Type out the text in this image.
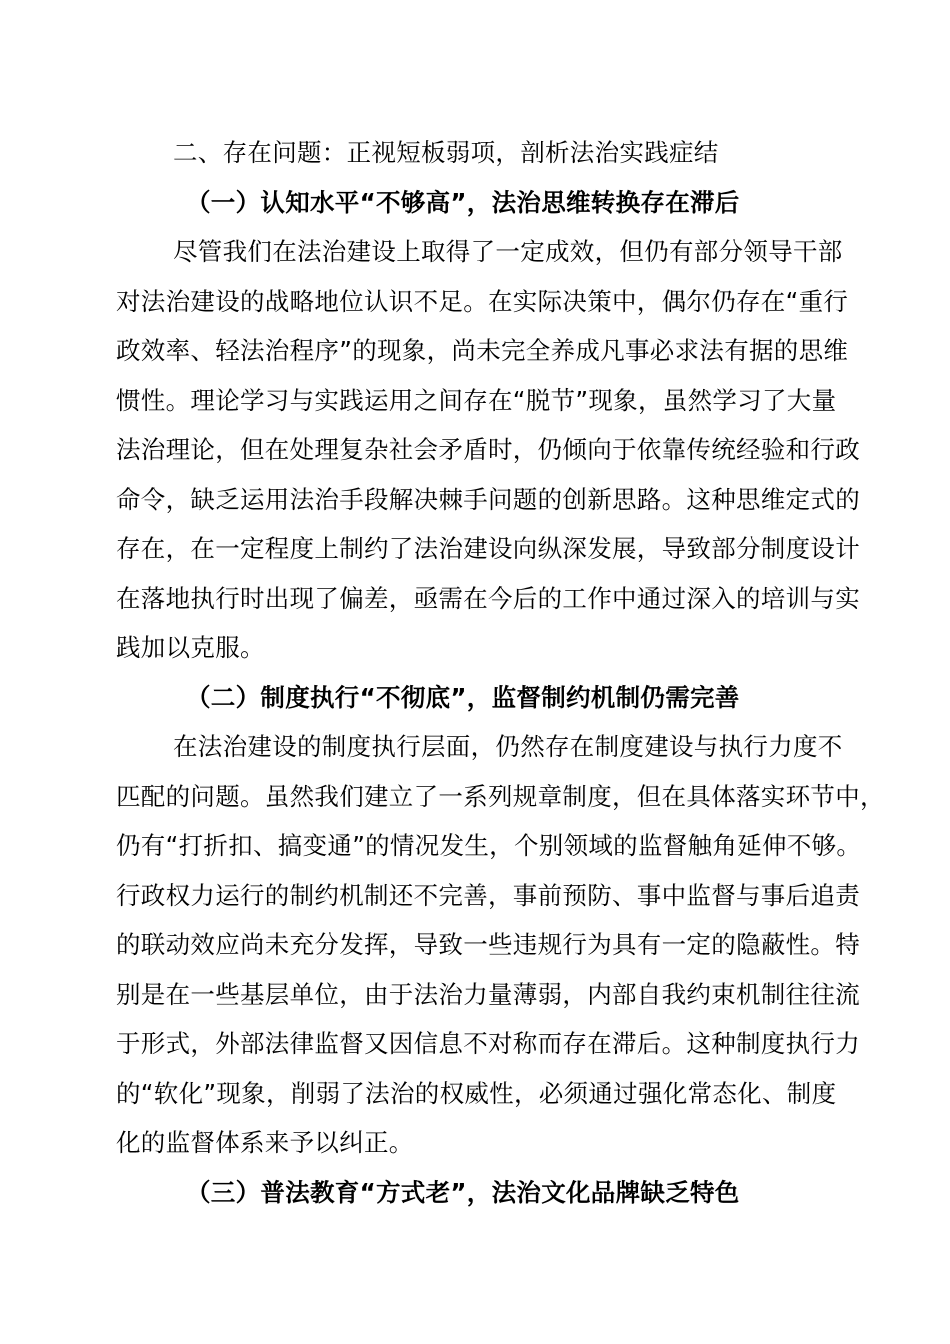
二、存在问题：正视短板弱项，剖析法治实践症结
（一）认知水平“不够高”，法治思维转换存在滞后
尽管我们在法治建设上取得了一定成效，但仍有部分领导干部
对法治建设的战略地位认识不足。在实际决策中，偶尔仍存在“重行
政效率、轻法治程序”的现象，尚未完全养成凡事必求法有据的思维
惯性。理论学习与实践运用之间存在“脱节”现象，虽然学习了大量
法治理论，但在处理复杂社会矛盾时，仍倾向于依靠传统经验和行政
命令，缺乏运用法治手段解决棘手问题的创新思路。这种思维定式的
存在，在一定程度上制约了法治建设向纵深发展，导致部分制度设计
在落地执行时出现了偏差，亟需在今后的工作中通过深入的培训与实
践加以克服。
（二）制度执行“不彻底”，监督制约机制仍需完善
在法治建设的制度执行层面，仍然存在制度建设与执行力度不
匹配的问题。虽然我们建立了一系列规章制度，但在具体落实环节中，
仍有“打折扣、搞变通”的情况发生，个别领域的监督触角延伸不够。
行政权力运行的制约机制还不完善，事前预防、事中监督与事后追责
的联动效应尚未充分发挥，导致一些违规行为具有一定的隐蔽性。特
别是在一些基层单位，由于法治力量薄弱，内部自我约束机制往往流
于形式，外部法律监督又因信息不对称而存在滞后。这种制度执行力
的“软化”现象，削弱了法治的权威性，必须通过强化常态化、制度
化的监督体系来予以纠正。
（三）普法教育“方式老”，法治文化品牌缺乏特色
